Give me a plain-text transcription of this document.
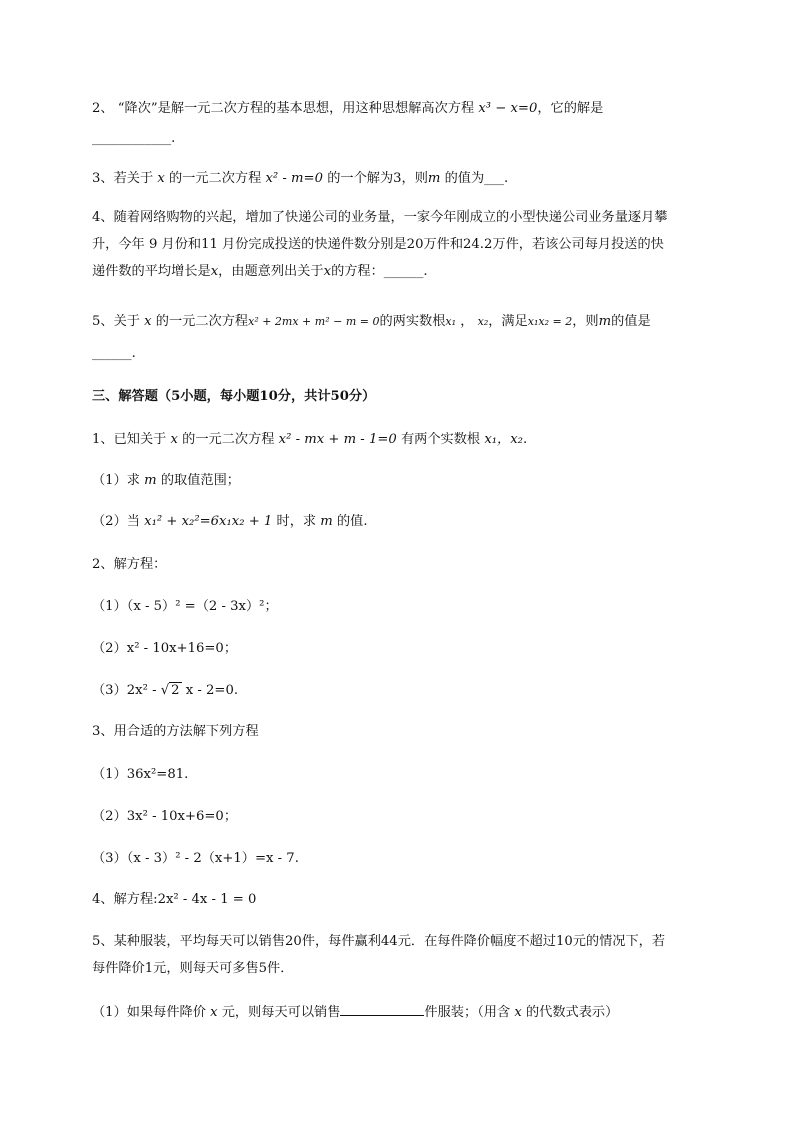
2、 “降次”是解一元二次方程的基本思想，用这种思想解高次方程 x³ − x=0，它的解是
____________.
3、若关于 x 的一元二次方程 x² - m=0 的一个解为3，则m 的值为___.
4、随着网络购物的兴起，增加了快递公司的业务量，一家今年刚成立的小型快递公司业务量逐月攀
升，今年 9 月份和11 月份完成投送的快递件数分别是20万件和24.2万件，若该公司每月投送的快
递件数的平均增长是x，由题意列出关于x的方程：______.
5、关于 x 的一元二次方程x² + 2mx + m² − m = 0的两实数根x₁ ， x₂，满足x₁x₂ = 2，则m的值是
______.
三、解答题（5小题，每小题10分，共计50分）
1、已知关于 x 的一元二次方程 x² - mx + m - 1=0 有两个实数根 x₁，x₂.
（1）求 m 的取值范围；
（2）当 x₁² + x₂²=6x₁x₂ + 1 时，求 m 的值.
2、解方程：
（1）（x - 5）² =（2 - 3x）²；
（2）x² - 10x+16=0；
（3）2x² - √ 2 x - 2=0.
3、用合适的方法解下列方程
（1）36x²=81.
（2）3x² - 10x+6=0；
（3）（x - 3）² - 2（x+1）=x - 7.
4、解方程:2x² - 4x - 1 = 0
5、某种服装，平均每天可以销售20件，每件赢利44元．在每件降价幅度不超过10元的情况下，若
每件降价1元，则每天可多售5件．
（1）如果每件降价 x 元，则每天可以销售	件服装；（用含 x 的代数式表示）
